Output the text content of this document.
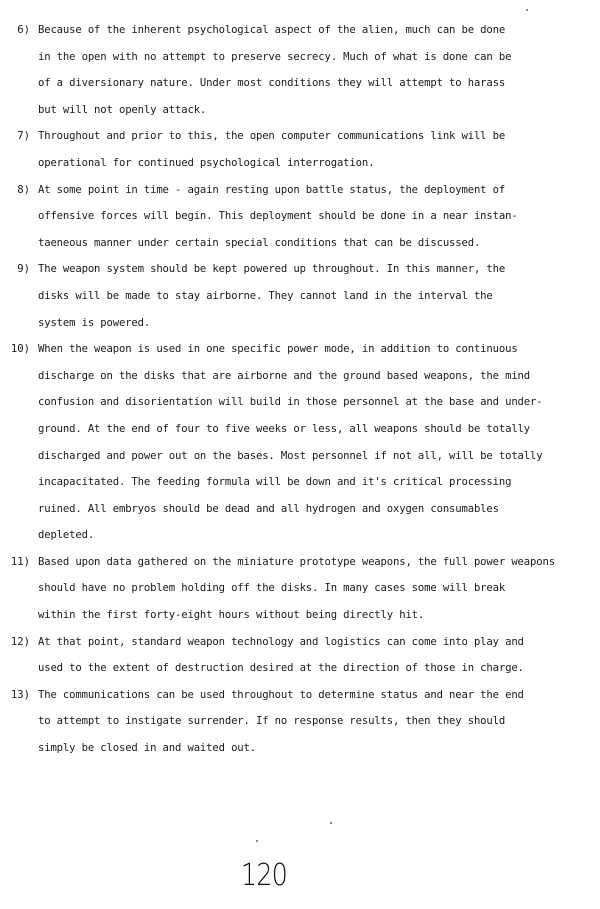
6) Because of the inherent psychological aspect of the alien, much can be done
in the open with no attempt to preserve secrecy. Much of what is done can be
of a diversionary nature. Under most conditions they will attempt to harass
but will not openly attack.
7) Throughout and prior to this, the open computer communications link will be
operational for continued psychological interrogation.
8) At some point in time - again resting upon battle status, the deployment of
offensive forces will begin. This deployment should be done in a near instan-
taeneous manner under certain special conditions that can be discussed.
9) The weapon system should be kept powered up throughout. In this manner, the
disks will be made to stay airborne. They cannot land in the interval the
system is powered.
10) When the weapon is used in one specific power mode, in addition to continuous
discharge on the disks that are airborne and the ground based weapons, the mind
confusion and disorientation will build in those personnel at the base and under-
ground. At the end of four to five weeks or less, all weapons should be totally
discharged and power out on the bases. Most personnel if not all, will be totally
incapacitated. The feeding formula will be down and it's critical processing
ruined. All embryos should be dead and all hydrogen and oxygen consumables
depleted.
11) Based upon data gathered on the miniature prototype weapons, the full power weapons
should have no problem holding off the disks. In many cases some will break
within the first forty-eight hours without being directly hit.
12) At that point, standard weapon technology and logistics can come into play and
used to the extent of destruction desired at the direction of those in charge.
13) The communications can be used throughout to determine status and near the end
to attempt to instigate surrender. If no response results, then they should
simply be closed in and waited out.
120
